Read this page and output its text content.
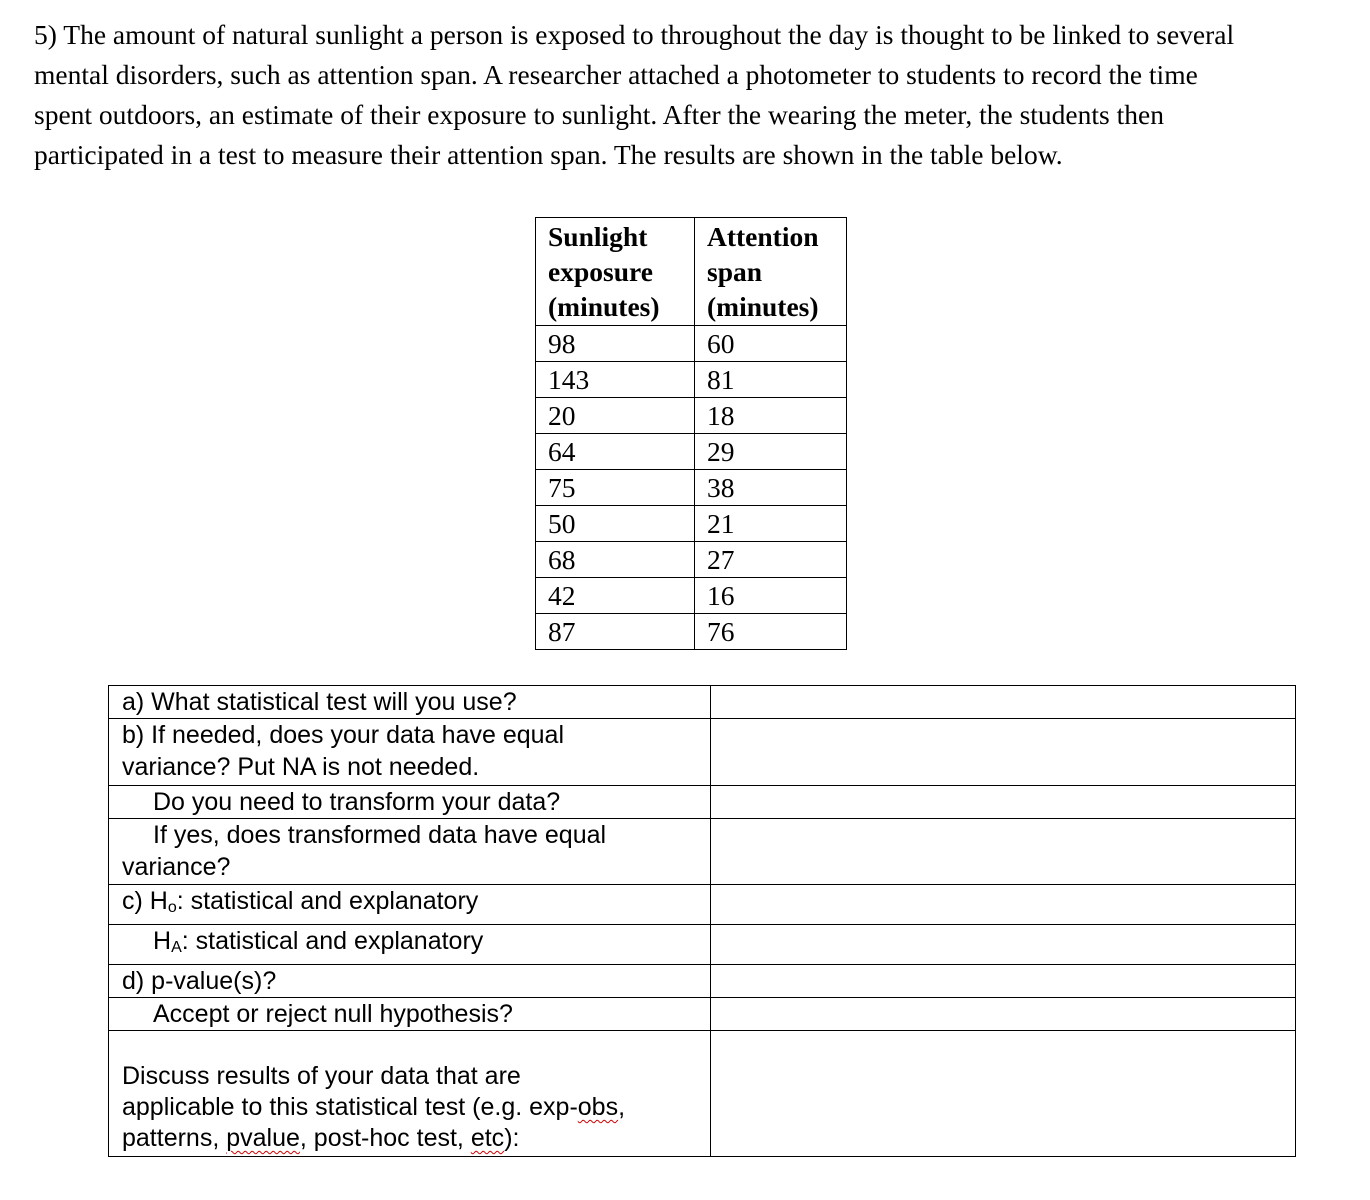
5) The amount of natural sunlight a person is exposed to throughout the day is thought to be linked to several
mental disorders, such as attention span. A researcher attached a photometer to students to record the time
spent outdoors, an estimate of their exposure to sunlight. After the wearing the meter, the students then
participated in a test to measure their attention span. The results are shown in the table below.

Sunlight
exposure
(minutes)	Attention
span
(minutes)

98	60
143	81
20	18
64	29
75	38
50	21
68	27
42	16
87	76
a) What statistical test will you use?	

b) If needed, does your data have equal
variance? Put NA is not needed.	

Do you need to transform your data?	

If yes, does transformed data have equal
variance?	

c) Ho: statistical and explanatory	

HA: statistical and explanatory	

d) p-value(s)?	

Accept or reject null hypothesis?	

Discuss results of your data that are
applicable to this statistical test (e.g. exp-obs,
patterns, pvalue, post-hoc test, etc):	
